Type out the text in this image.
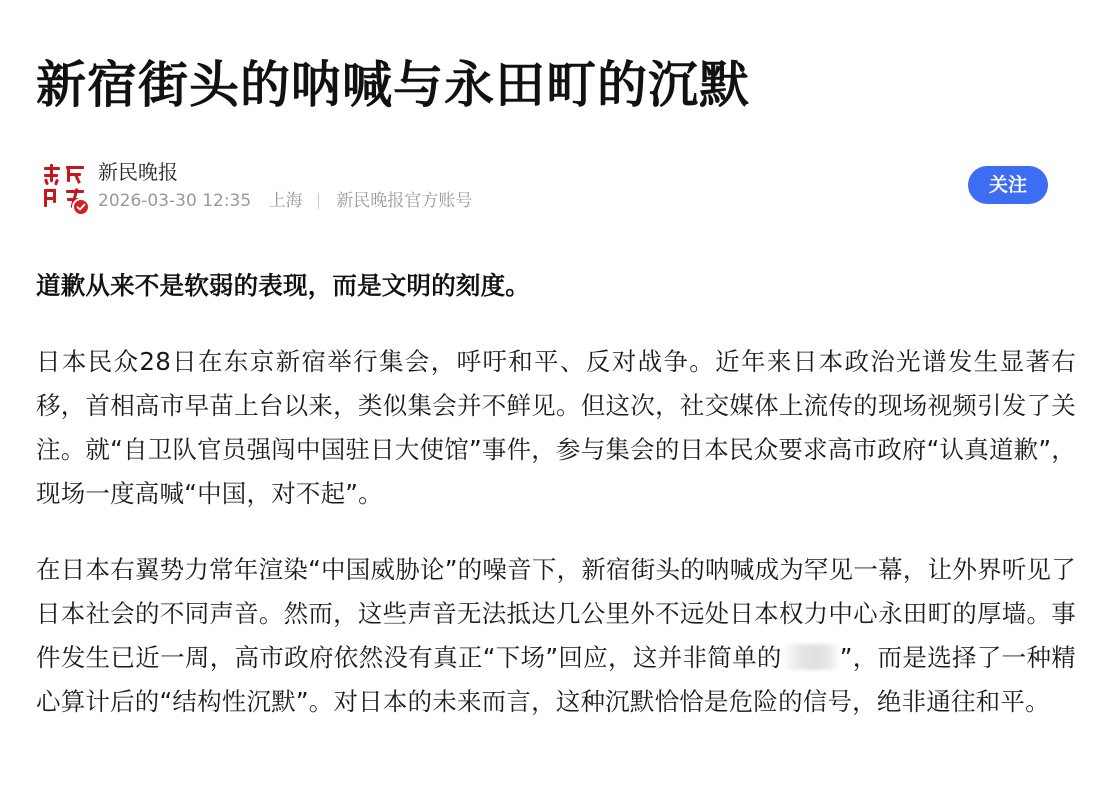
新宿街头的呐喊与永田町的沉默
新民晚报
2026-03-30 12:35 上海 新民晚报官方账号
关注

道歉从来不是软弱的表现，而是文明的刻度。

日本民众28日在东京新宿举行集会，呼吁和平、反对战争。近年来日本政治光谱发生显著右移，首相高市早苗上台以来，类似集会并不鲜见。但这次，社交媒体上流传的现场视频引发了关注。就“自卫队官员强闯中国驻日大使馆”事件，参与集会的日本民众要求高市政府“认真道歉”，现场一度高喊“中国，对不起”。

在日本右翼势力常年渲染“中国威胁论”的噪音下，新宿街头的呐喊成为罕见一幕，让外界听见了日本社会的不同声音。然而，这些声音无法抵达几公里外不远处日本权力中心永田町的厚墙。事件发生已近一周，高市政府依然没有真正“下场”回应，这并非简单的 ”，而是选择了一种精心算计后的“结构性沉默”。对日本的未来而言，这种沉默恰恰是危险的信号，绝非通往和平。
